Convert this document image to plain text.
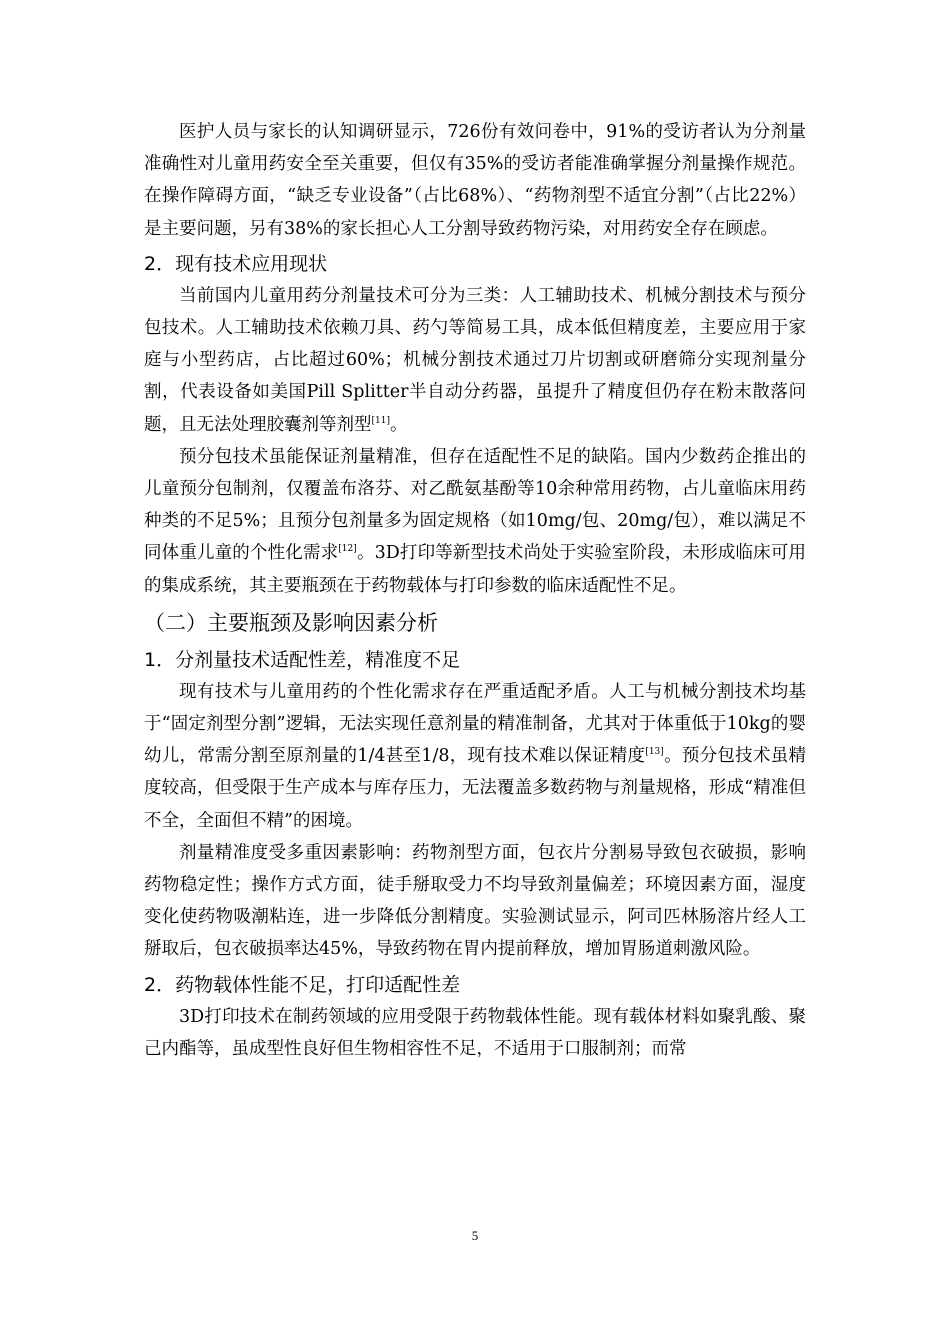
医护人员与家长的认知调研显示，726份有效问卷中，91%的受访者认为分剂量准确性对儿童用药安全至关重要，但仅有35%的受访者能准确掌握分剂量操作规范。在操作障碍方面，“缺乏专业设备”（占比68%）、“药物剂型不适宜分割”（占比22%）是主要问题，另有38%的家长担心人工分割导致药物污染，对用药安全存在顾虑。

2．现有技术应用现状

当前国内儿童用药分剂量技术可分为三类：人工辅助技术、机械分割技术与预分包技术。人工辅助技术依赖刀具、药勺等简易工具，成本低但精度差，主要应用于家庭与小型药店，占比超过60%；机械分割技术通过刀片切割或研磨筛分实现剂量分割，代表设备如美国Pill Splitter半自动分药器，虽提升了精度但仍存在粉末散落问题，且无法处理胶囊剂等剂型[11]。

预分包技术虽能保证剂量精准，但存在适配性不足的缺陷。国内少数药企推出的儿童预分包制剂，仅覆盖布洛芬、对乙酰氨基酚等10余种常用药物，占儿童临床用药种类的不足5%；且预分包剂量多为固定规格（如10mg/包、20mg/包），难以满足不同体重儿童的个性化需求[12]。3D打印等新型技术尚处于实验室阶段，未形成临床可用的集成系统，其主要瓶颈在于药物载体与打印参数的临床适配性不足。

（二）主要瓶颈及影响因素分析
1．分剂量技术适配性差，精准度不足

现有技术与儿童用药的个性化需求存在严重适配矛盾。人工与机械分割技术均基于“固定剂型分割”逻辑，无法实现任意剂量的精准制备，尤其对于体重低于10kg的婴幼儿，常需分割至原剂量的1/4甚至1/8，现有技术难以保证精度[13]。预分包技术虽精度较高，但受限于生产成本与库存压力，无法覆盖多数药物与剂量规格，形成“精准但不全，全面但不精”的困境。

剂量精准度受多重因素影响：药物剂型方面，包衣片分割易导致包衣破损，影响药物稳定性；操作方式方面，徒手掰取受力不均导致剂量偏差；环境因素方面，湿度变化使药物吸潮粘连，进一步降低分割精度。实验测试显示，阿司匹林肠溶片经人工掰取后，包衣破损率达45%，导致药物在胃内提前释放，增加胃肠道刺激风险。

2．药物载体性能不足，打印适配性差

3D打印技术在制药领域的应用受限于药物载体性能。现有载体材料如聚乳酸、聚己内酯等，虽成型性良好但生物相容性不足，不适用于口服制剂；而常

5
